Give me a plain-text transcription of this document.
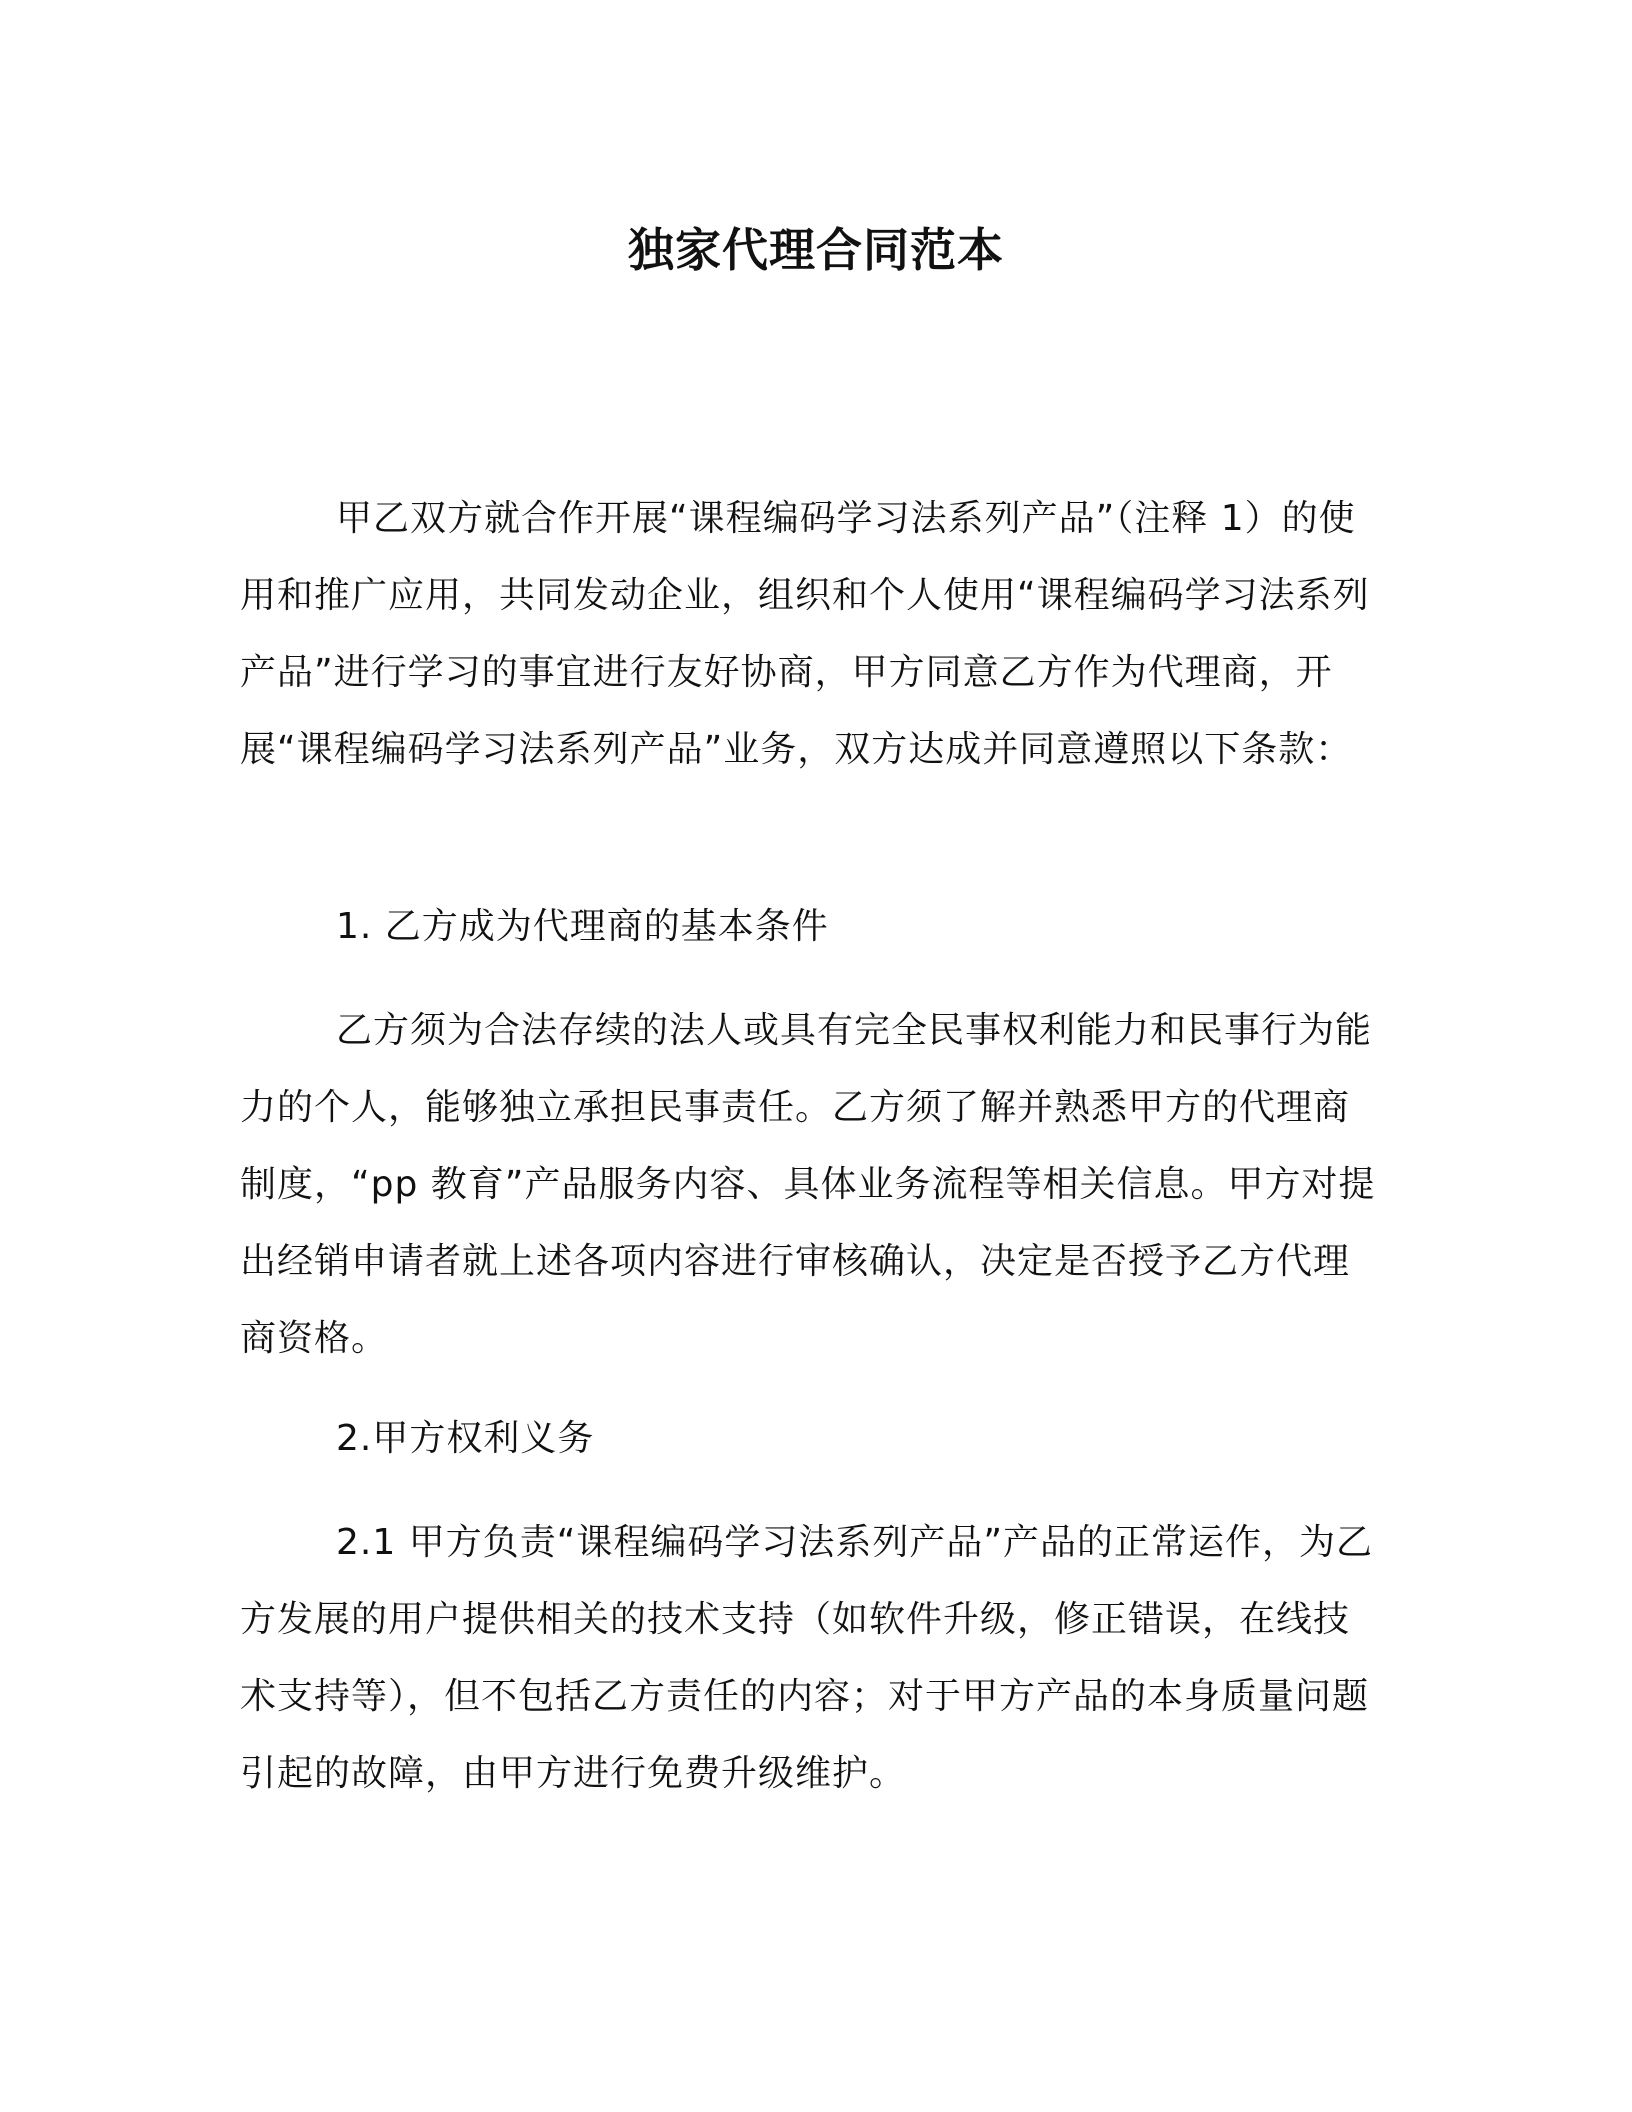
独家代理合同范本

甲乙双方就合作开展“课程编码学习法系列产品”（注释 1）的使用和推广应用，共同发动企业，组织和个人使用“课程编码学习法系列产品”进行学习的事宜进行友好协商，甲方同意乙方作为代理商，开展“课程编码学习法系列产品”业务，双方达成并同意遵照以下条款：

1. 乙方成为代理商的基本条件

乙方须为合法存续的法人或具有完全民事权利能力和民事行为能力的个人，能够独立承担民事责任。乙方须了解并熟悉甲方的代理商制度，“pp 教育”产品服务内容、具体业务流程等相关信息。甲方对提出经销申请者就上述各项内容进行审核确认，决定是否授予乙方代理商资格。

2.甲方权利义务

2.1 甲方负责“课程编码学习法系列产品”产品的正常运作，为乙方发展的用户提供相关的技术支持（如软件升级，修正错误，在线技术支持等），但不包括乙方责任的内容；对于甲方产品的本身质量问题引起的故障，由甲方进行免费升级维护。
